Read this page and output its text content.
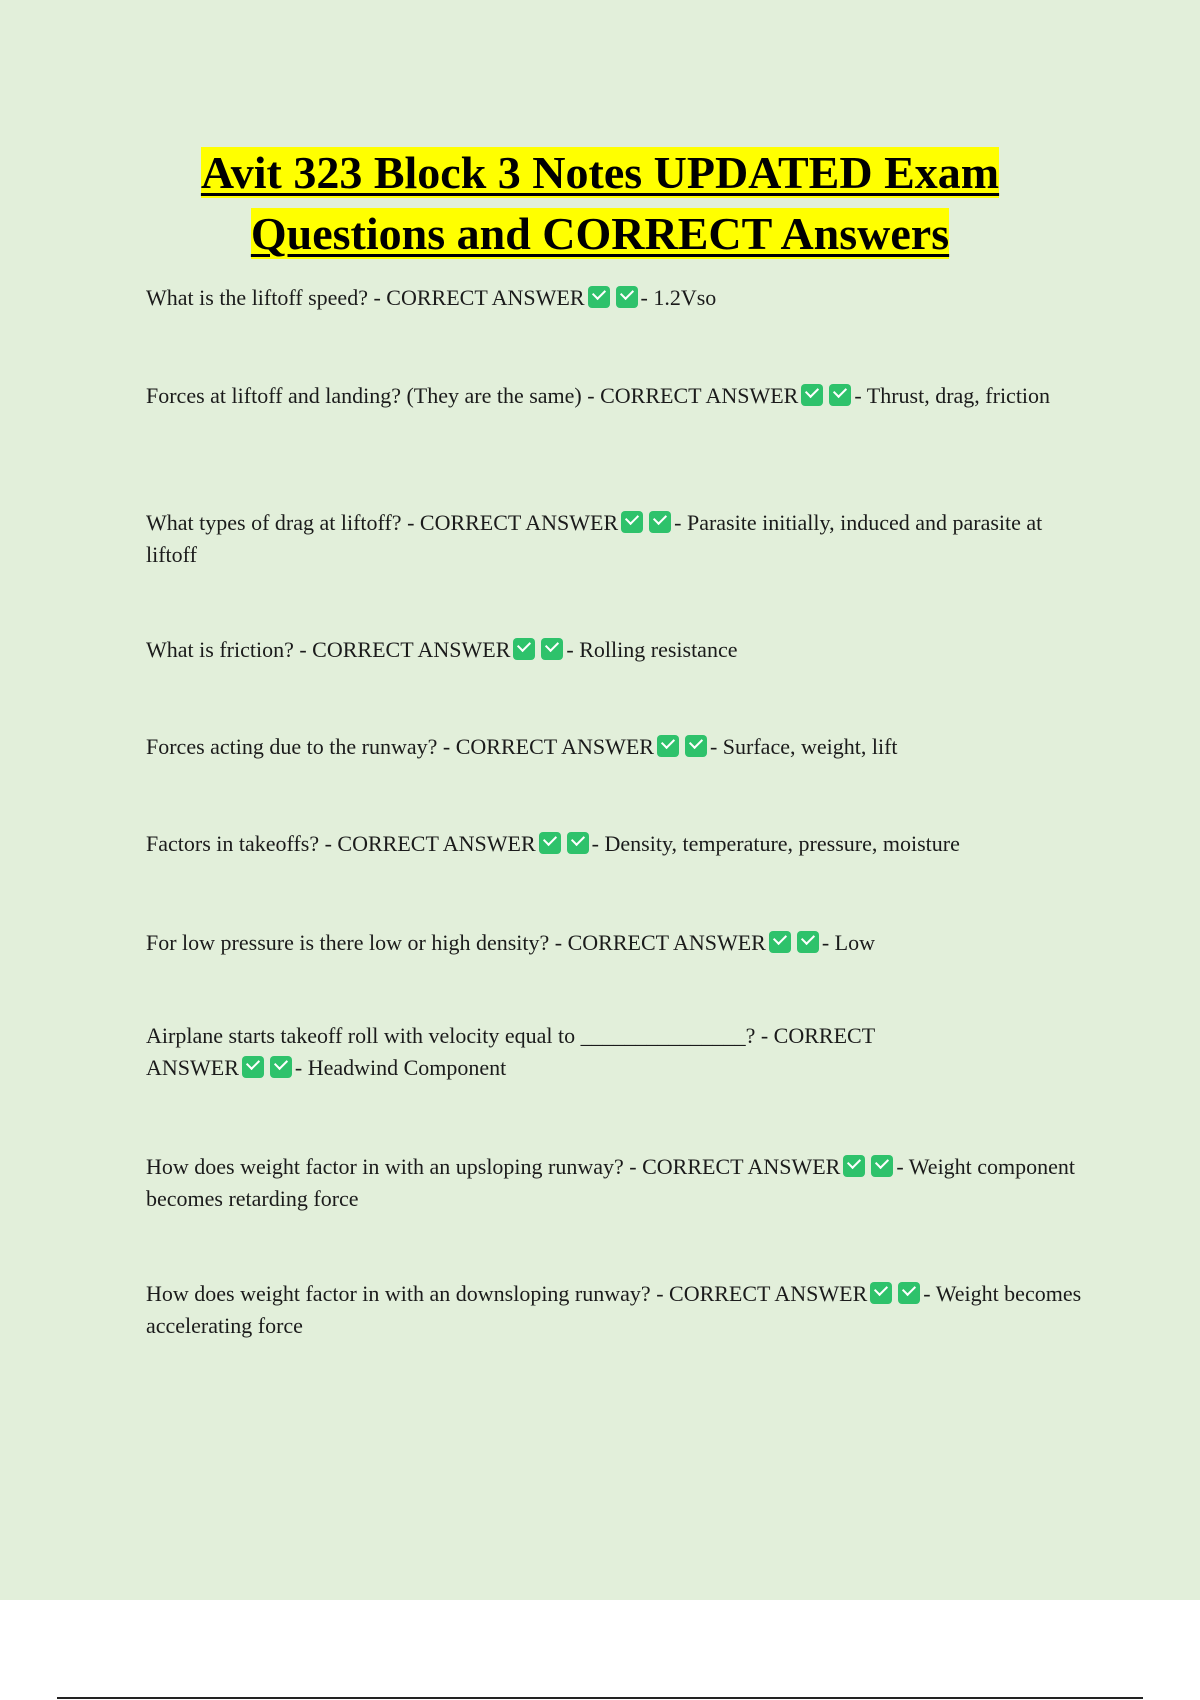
Avit 323 Block 3 Notes UPDATED Exam
Questions and CORRECT Answers

What is the liftoff speed? - CORRECT ANSWER	- 1.2Vso

Forces at liftoff and landing? (They are the same) - CORRECT ANSWER	- Thrust, drag, friction

What types of drag at liftoff? - CORRECT ANSWER	- Parasite initially, induced and parasite at liftoff

What is friction? - CORRECT ANSWER	- Rolling resistance

Forces acting due to the runway? - CORRECT ANSWER	- Surface, weight, lift

Factors in takeoffs? - CORRECT ANSWER	- Density, temperature, pressure, moisture

For low pressure is there low or high density? - CORRECT ANSWER	- Low

Airplane starts takeoff roll with velocity equal to _______________? - CORRECT ANSWER	- Headwind Component

How does weight factor in with an upsloping runway? - CORRECT ANSWER	- Weight component becomes retarding force

How does weight factor in with an downsloping runway? - CORRECT ANSWER	- Weight becomes accelerating force
